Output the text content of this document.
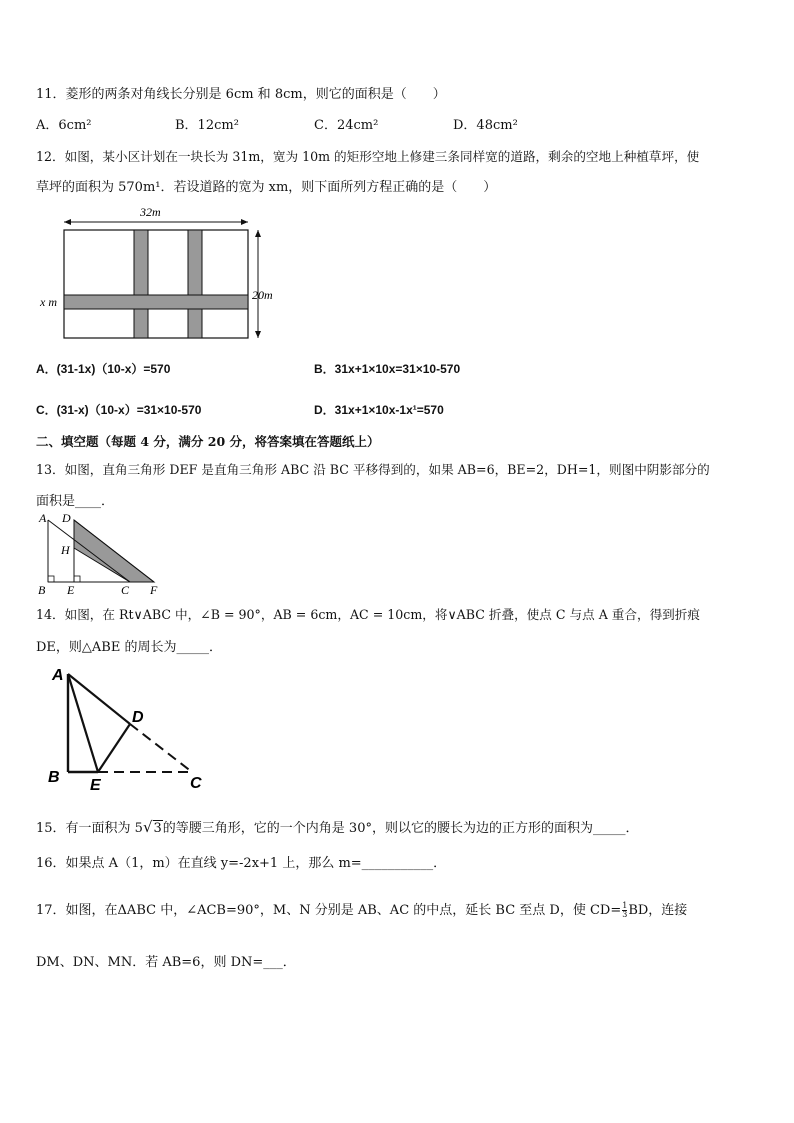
11．菱形的两条对角线长分别是 6cm 和 8cm，则它的面积是（　　）
A．6cm²	B．12cm²	C．24cm²	D．48cm²
12．如图，某小区计划在一块长为 31m，宽为 10m 的矩形空地上修建三条同样宽的道路，剩余的空地上种植草坪，使
草坪的面积为 570m¹．若设道路的宽为 xm，则下面所列方程正确的是（　　）
32m
20m
x m
A．(31-1x)（10-x）=570	B．31x+1×10x=31×10-570
C．(31-x)（10-x）=31×10-570	D．31x+1×10x-1x¹=570
二、填空题（每题 4 分，满分 20 分，将答案填在答题纸上）
13．如图，直角三角形 DEF 是直角三角形 ABC 沿 BC 平移得到的，如果 AB=6，BE=2，DH=1，则图中阴影部分的
面积是____．
A D
H
B E	C F
14．如图，在 Rt∨ABC 中，∠B = 90°，AB = 6cm，AC = 10cm，将∨ABC 折叠，使点 C 与点 A 重合，得到折痕
DE，则△ABE 的周长为_____．
A
D
B E	C
15．有一面积为 5√3的等腰三角形，它的一个内角是 30°，则以它的腰长为边的正方形的面积为_____．
16．如果点 A（1，m）在直线 y=-2x+1 上，那么 m=___________．
17．如图，在ΔABC 中，∠ACB=90°，M、N 分别是 AB、AC 的中点，延长 BC 至点 D，使 $CD= \frac{1}{3}$ BD，连接
DM、DN、MN．若 AB=6，则 DN=___．
